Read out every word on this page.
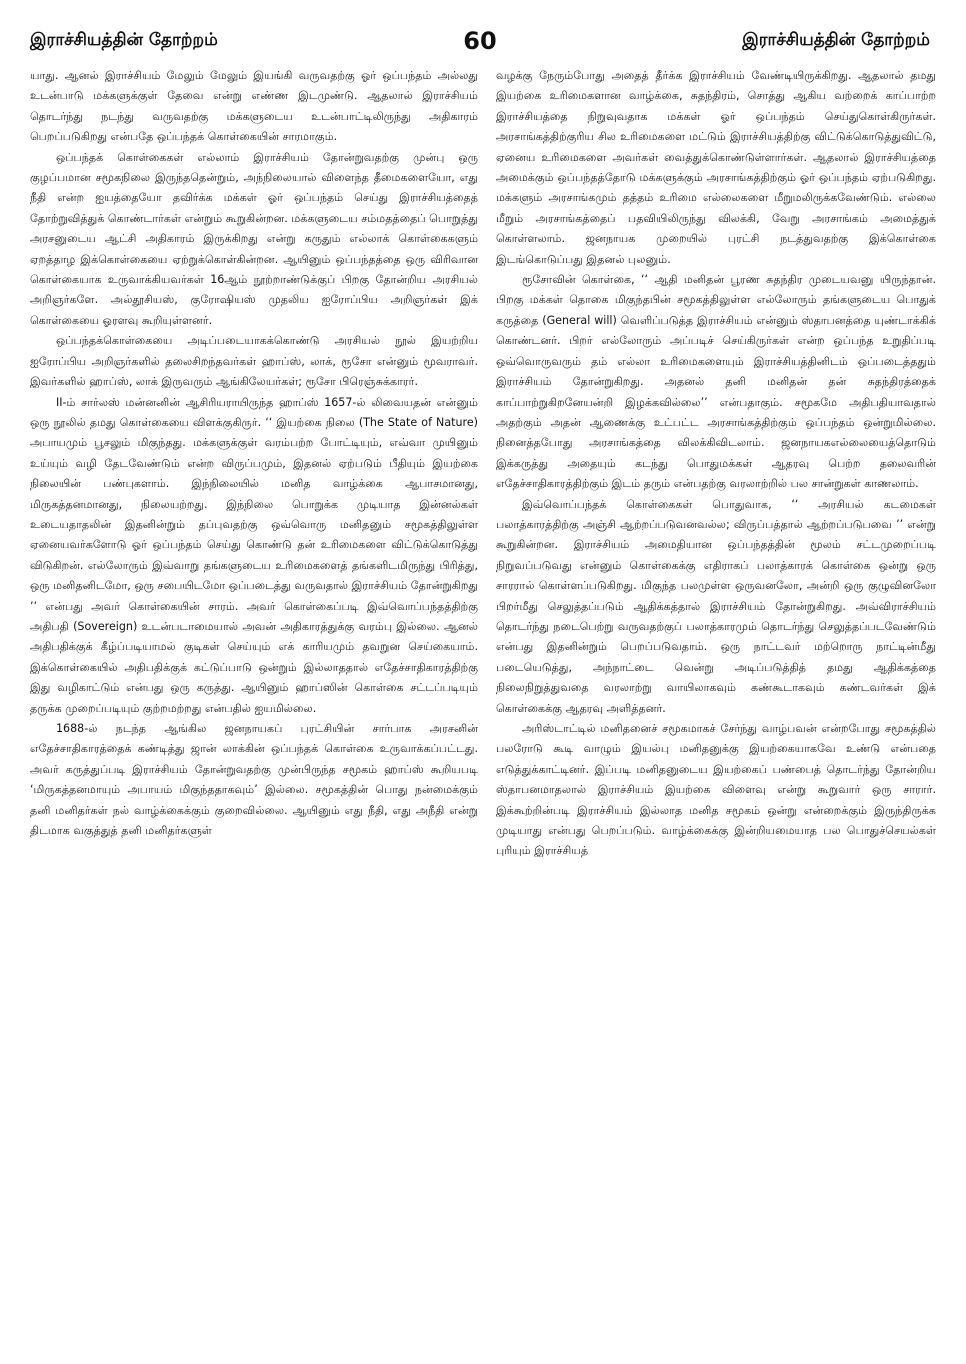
இராச்சியத்தின் தோற்றம்	60	இராச்சியத்தின் தோற்றம்

யாது. ஆனல் இராச்சியம் மேலும் மேலும் இயங்கி வருவதற்கு ஓர் ஒப்பந்தம் அல்லது உடன்பாடு மக்களுக்குள் தேவை என்று எண்ண இடமுண்டு. ஆதலால் இராச்சியம் தொடர்ந்து நடந்து வருவதற்கு மக்களுடைய உடன்பாட்டிலிருந்து அதிகாரம் பெறப்படுகிறது என்பதே ஒப்பந்தக் கொள்கையின் சாரமாகும்.

ஒப்பந்தக் கொள்கைகள் எல்லாம் இராச்சியம் தோன்றுவதற்கு முன்பு ஒரு குழப்பமான சமூகநிலை இருந்ததென்றும், அந்நிலையால் விளைந்த தீமைகளையோ, எது நீதி என்ற ஐயத்தையோ தவிர்க்க மக்கள் ஓர் ஒப்பந்தம் செய்து இராச்சியத்தைத் தோற்றுவித்துக் கொண்டார்கள் என்றும் கூறுகின்றன. மக்களுடைய சம்மதத்தைப் பொறுத்து அரசனுடைய ஆட்சி அதிகாரம் இருக்கிறது என்று கருதும் எல்லாக் கொள்கைகளும் ஏறத்தாழ இக்கொள்கையை ஏற்றுக்கொள்கின்றன. ஆயினும் ஒப்பந்தத்தை ஒரு விரிவான கொள்கையாக உருவாக்கியவர்கள் 16ஆம் நூற்றாண்டுக்குப் பிறகு தோன்றிய அரசியல் அறிஞர்களே. அல்தூசியஸ், குரோஷியஸ் முதலிய ஐரோப்பிய அறிஞர்கள் இக் கொள்கையை ஓரளவு கூறியுள்ளனர்.

ஒப்பந்தக்கொள்கையை அடிப்படையாகக்கொண்டு அரசியல் நூல் இயற்றிய ஐரோப்பிய அறிஞர்களில் தலைசிறந்தவர்கள் ஹாப்ஸ், லாக், ரூசோ என்னும் மூவராவர். இவர்களில் ஹாப்ஸ், லாக் இருவரும் ஆங்கிலேயர்கள்; ரூசோ பிரெஞ்சுக்காரர்.

II-ம் சார்லஸ் மன்னனின் ஆசிரியராயிருந்த ஹாப்ஸ் 1657-ல் லிவையதன் என்னும் ஒரு நூலில் தமது கொள்கையை விளக்குகிருர். ‘‘ இயற்கை நிலை (The State of Nature) அபாயமும் பூசலும் மிகுந்தது. மக்களுக்குள் வரம்பற்ற போட்டியும், எவ்வா முயினும் உய்யும் வழி தேடவேண்டும் என்ற விருப்பமும், இதனல் ஏற்படும் பீதியும் இயற்கை நிலையின் பண்புகளாம். இந்நிலையில் மனித வாழ்க்கை ஆபாசமானது, மிருகத்தனமானது, நிலையற்றது. இந்நிலை பொறுக்க முடியாத இன்னல்கள் உடையதாதலின் இதனின்றும் தப்புவதற்கு ஒவ்வொரு மனிதனும் சமூகத்திலுள்ள ஏனையவர்களோடு ஓர் ஒப்பந்தம் செய்து கொண்டு தன் உரிமைகளை விட்டுக்கொடுத்து விடுகிறன். எல்லோரும் இவ்வாறு தங்களுடைய உரிமைகளைத் தங்களிடமிருந்து பிரித்து, ஒரு மனிதனிடமோ, ஒரு சபையிடமோ ஒப்படைத்து வருவதால் இராச்சியம் தோன்றுகிறது ’’ என்பது அவர் கொள்கையின் சாரம். அவர் கொள்கைப்படி இவ்வொப்பந்தத்திற்கு அதிபதி (Sovereign) உடன்படாமையால் அவன் அதிகாரத்துக்கு வரம்பு இல்லை. ஆனல் அதிபதிக்குக் கீழ்ப்படியாமல் குடிகள் செய்யும் எக் காரியமும் தவறுன செய்கையாம். இக்கொள்கையில் அதிபதிக்குக் கட்டுப்பாடு ஒன்றும் இல்லாததால் எதேச்சாதிகாரத்திற்கு இது வழிகாட்டும் என்பது ஒரு கருத்து. ஆயினும் ஹாப்ஸின் கொள்கை சட்டப்படியும் தருக்க முறைப்படியும் குற்றமற்றது என்பதில் ஐயமில்லை.

1688-ல் நடந்த ஆங்கில ஜனநாயகப் புரட்சியின் சார்பாக அரசனின் எதேச்சாதிகாரத்தைக் கண்டித்து ஜான் லாக்கின் ஒப்பந்தக் கொள்கை உருவாக்கப்பட்டது. அவர் கருத்துப்படி இராச்சியம் தோன்றுவதற்கு முன்பிருந்த சமூகம் ஹாப்ஸ் கூறியபடி ‘மிருகத்தனமாயும் அபாயம் மிகுந்ததாகவும்’ இல்லை. சமூகத்தின் பொது நன்மைக்கும் தனி மனிதர்கள் நல் வாழ்க்கைக்கும் குறைவில்லை. ஆயினும் எது நீதி, எது அநீதி என்று திடமாக வகுத்துத் தனி மனிதர்களுள்

வழக்கு நேரும்போது அதைத் தீர்க்க இராச்சியம் வேண்டியிருக்கிறது. ஆதலால் தமது இயற்கை உரிமைகளான வாழ்க்கை, சுதந்திரம், சொத்து ஆகிய வற்றைக் காப்பாற்ற இராச்சியத்தை நிறுவுவதாக மக்கள் ஓர் ஒப்பந்தம் செய்துகொள்கிருர்கள். அரசாங்கத்திற்குரிய சில உரிமைகளை மட்டும் இராச்சியத்திற்கு விட்டுக்கொடுத்துவிட்டு, ஏனைய உரிமைகளை அவர்கள் வைத்துக்கொண்டுள்ளார்கள். ஆதலால் இராச்சியத்தை அமைக்கும் ஒப்பந்தத்தோடு மக்களுக்கும் அரசாங்கத்திற்கும் ஓர் ஒப்பந்தம் ஏற்படுகிறது. மக்களும் அரசாங்கமும் தத்தம் உரிமை எல்லைகளை மீறுமலிருக்கவேண்டும். எல்லை மீறும் அரசாங்கத்தைப் பதவியிலிருந்து விலக்கி, வேறு அரசாங்கம் அமைத்துக் கொள்ளலாம். ஜனநாயக முறையில் புரட்சி நடத்துவதற்கு இக்கொள்கை இடங்கொடுப்பது இதனல் புலனும்.

ரூசோவின் கொள்கை, ‘‘ ஆதி மனிதன் பூரண சுதந்திர முடையவனு யிருந்தான். பிறகு மக்கள் தொகை மிகுந்தபின் சமூகத்திலுள்ள எல்லோரும் தங்களுடைய பொதுக் கருத்தை (General will) வெளிப்படுத்த இராச்சியம் என்னும் ஸ்தாபனத்தை யுண்டாக்கிக் கொண்டனர். பிறர் எல்லோரும் அப்படிச் செய்கிருர்கள் என்ற ஒப்பந்த உறுதிப்படி ஒவ்வொருவரும் தம் எல்லா உரிமைகளையும் இராச்சியத்தினிடம் ஒப்படைத்ததும் இராச்சியம் தோன்றுகிறது. அதனல் தனி மனிதன் தன் சுதந்திரத்தைக் காப்பாற்றுகிறனேயன்றி இழக்கவில்லை’’ என்பதாகும். சமூகமே அதிபதியாவதால் அதற்கும் அதன் ஆணைக்கு உட்பட்ட அரசாங்கத்திற்கும் ஒப்பந்தம் ஒன்றுமில்லை. நினைத்தபோது அரசாங்கத்தை விலக்கிவிடலாம். ஜனநாயகஎல்லையைத்தொடும் இக்கருத்து அதையும் கடந்து பொதுமக்கள் ஆதரவு பெற்ற தலைவரின் எதேச்சாதிகாரத்திற்கும் இடம் தரும் என்பதற்கு வரலாற்றில் பல சான்றுகள் காணலாம்.

இவ்வொப்பந்தக் கொள்கைகள் பொதுவாக, ‘‘ அரசியல் கடமைகள் பலாத்காரத்திற்கு அஞ்சி ஆற்றப்படுவனவல்ல; விருப்பத்தால் ஆற்றப்படுபவை ’’ என்று கூறுகின்றன. இராச்சியம் அமைதியான ஒப்பந்தத்தின் மூலம் சட்டமுறைப்படி நிறுவப்படுவது என்னும் கொள்கைக்கு எதிராகப் பலாத்காரக் கொள்கை ஒன்று ஒரு சாரரால் கொள்ளப்படுகிறது. மிகுந்த பலமுள்ள ஒருவனலோ, அன்றி ஒரு குழுவினலோ பிறர்மீது செலுத்தப்படும் ஆதிக்கத்தால் இராச்சியம் தோன்றுகிறது. அவ்விராச்சியம் தொடர்ந்து நடைபெற்று வருவதற்குப் பலாத்காரமும் தொடர்ந்து செலுத்தப்படவேண்டும் என்பது இதனின்றும் பெறப்படுவதாம். ஒரு நாட்டவர் மற்றொரு நாட்டின்மீது படையெடுத்து, அந்நாட்டை வென்று அடிப்படுத்தித் தமது ஆதிக்கத்தை நிலைநிறுத்துவதை வரலாற்று வாயிலாகவும் கண்கூடாகவும் கண்டவர்கள் இக் கொள்கைக்கு ஆதரவு அளித்தனர்.

அரிஸ்டாட்டில் மனிதனைச் சமூகமாகச் சேர்ந்து வாழ்பவன் என்றபோது சமூகத்தில் பலரோடு கூடி வாழும் இயல்பு மனிதனுக்கு இயற்கையாகவே உண்டு என்பதை எடுத்துக்காட்டினர். இப்படி மனிதனுடைய இயற்கைப் பண்பைத் தொடர்ந்து தோன்றிய ஸ்தாபனமாதலால் இராச்சியம் இயற்கை விளைவு என்று கூறுவார் ஒரு சாரார். இக்கூற்றின்படி இராச்சியம் இல்லாத மனித சமூகம் ஒன்று என்றைக்கும் இருந்திருக்க முடியாது என்பது பெறப்படும். வாழ்க்கைக்கு இன்றியமையாத பல பொதுச்செயல்கள் புரியும் இராச்சியத்
